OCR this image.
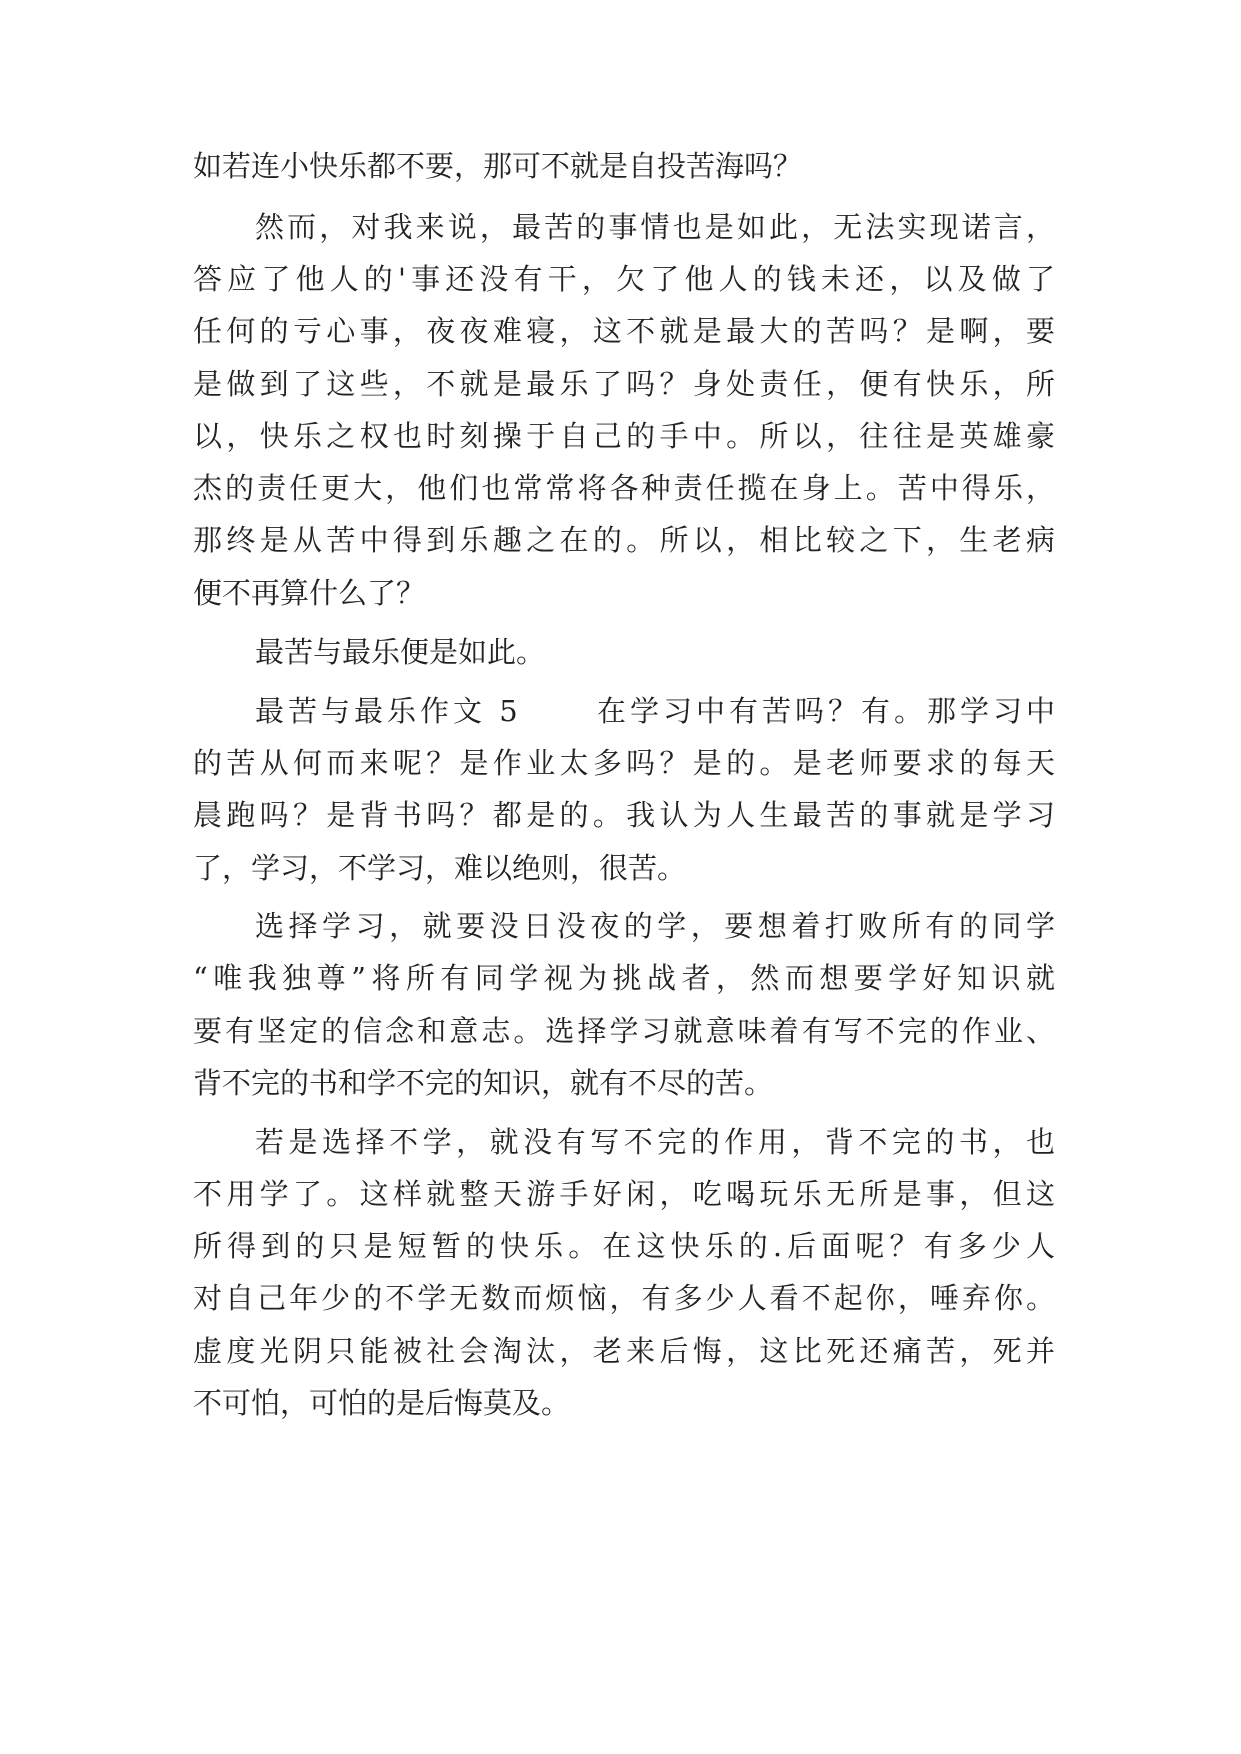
如若连小快乐都不要，那可不就是自投苦海吗？
然而，对我来说，最苦的事情也是如此，无法实现诺言，
答应了他人的'事还没有干，欠了他人的钱未还，以及做了
任何的亏心事，夜夜难寝，这不就是最大的苦吗？是啊，要
是做到了这些，不就是最乐了吗？身处责任，便有快乐，所
以，快乐之权也时刻操于自己的手中。所以，往往是英雄豪
杰的责任更大，他们也常常将各种责任揽在身上。苦中得乐，
那终是从苦中得到乐趣之在的。所以，相比较之下，生老病
便不再算什么了？
最苦与最乐便是如此。
最苦与最乐作文 5 　　在学习中有苦吗？有。那学习中
的苦从何而来呢？是作业太多吗？是的。是老师要求的每天
晨跑吗？是背书吗？都是的。我认为人生最苦的事就是学习
了，学习，不学习，难以绝则，很苦。
选择学习，就要没日没夜的学，要想着打败所有的同学
“唯我独尊”将所有同学视为挑战者，然而想要学好知识就
要有坚定的信念和意志。选择学习就意味着有写不完的作业、
背不完的书和学不完的知识，就有不尽的苦。
若是选择不学，就没有写不完的作用，背不完的书，也
不用学了。这样就整天游手好闲，吃喝玩乐无所是事，但这
所得到的只是短暂的快乐。在这快乐的.后面呢？有多少人
对自己年少的不学无数而烦恼，有多少人看不起你，唾弃你。
虚度光阴只能被社会淘汰，老来后悔，这比死还痛苦，死并
不可怕，可怕的是后悔莫及。
